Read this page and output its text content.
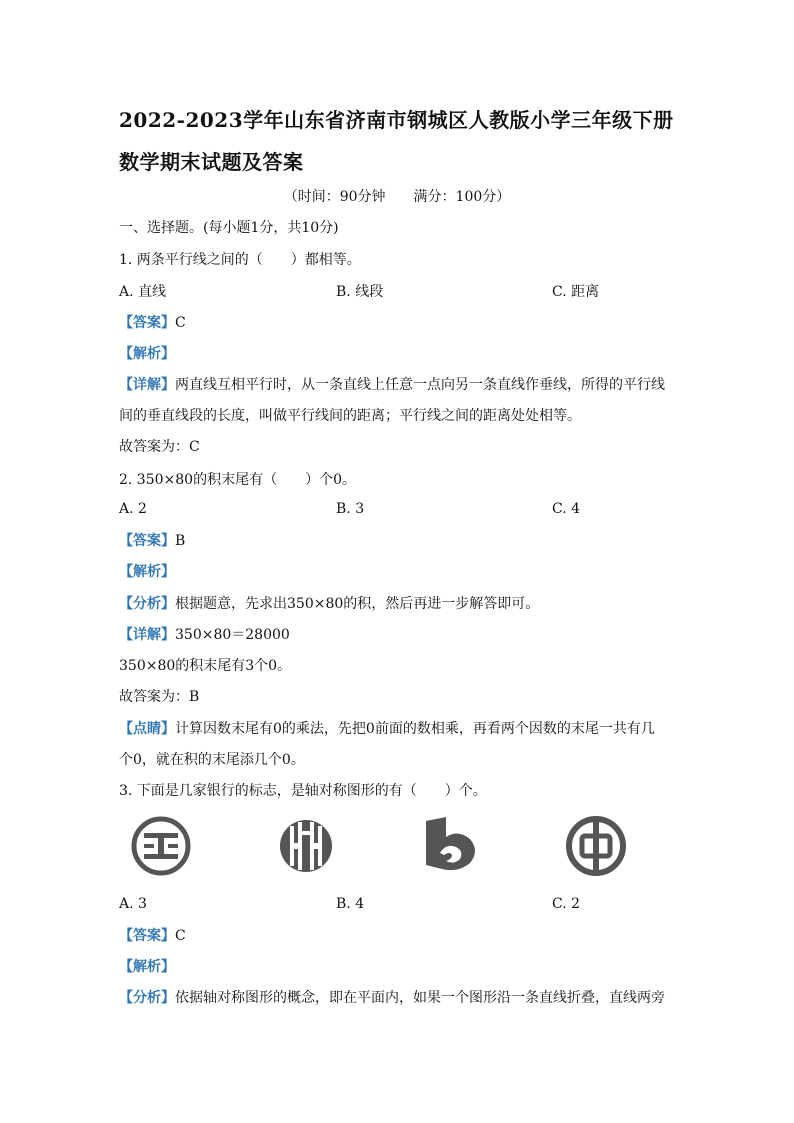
2022-2023学年山东省济南市钢城区人教版小学三年级下册
数学期末试题及答案
（时间：90分钟　　满分：100分）
一、选择题。(每小题1分，共10分)
1. 两条平行线之间的（　　）都相等。
A. 直线	B. 线段	C. 距离
【答案】C
【解析】
【详解】两直线互相平行时，从一条直线上任意一点向另一条直线作垂线，所得的平行线
间的垂直线段的长度，叫做平行线间的距离；平行线之间的距离处处相等。
故答案为：C
2. 350×80的积末尾有（　　）个0。
A. 2	B. 3	C. 4
【答案】B
【解析】
【分析】根据题意，先求出350×80的积，然后再进一步解答即可。
【详解】350×80＝28000
350×80的积末尾有3个0。
故答案为：B
【点睛】计算因数末尾有0的乘法，先把0前面的数相乘，再看两个因数的末尾一共有几
个0，就在积的末尾添几个0。
3. 下面是几家银行的标志，是轴对称图形的有（　　）个。
A. 3	B. 4	C. 2
【答案】C
【解析】
【分析】依据轴对称图形的概念，即在平面内，如果一个图形沿一条直线折叠，直线两旁
